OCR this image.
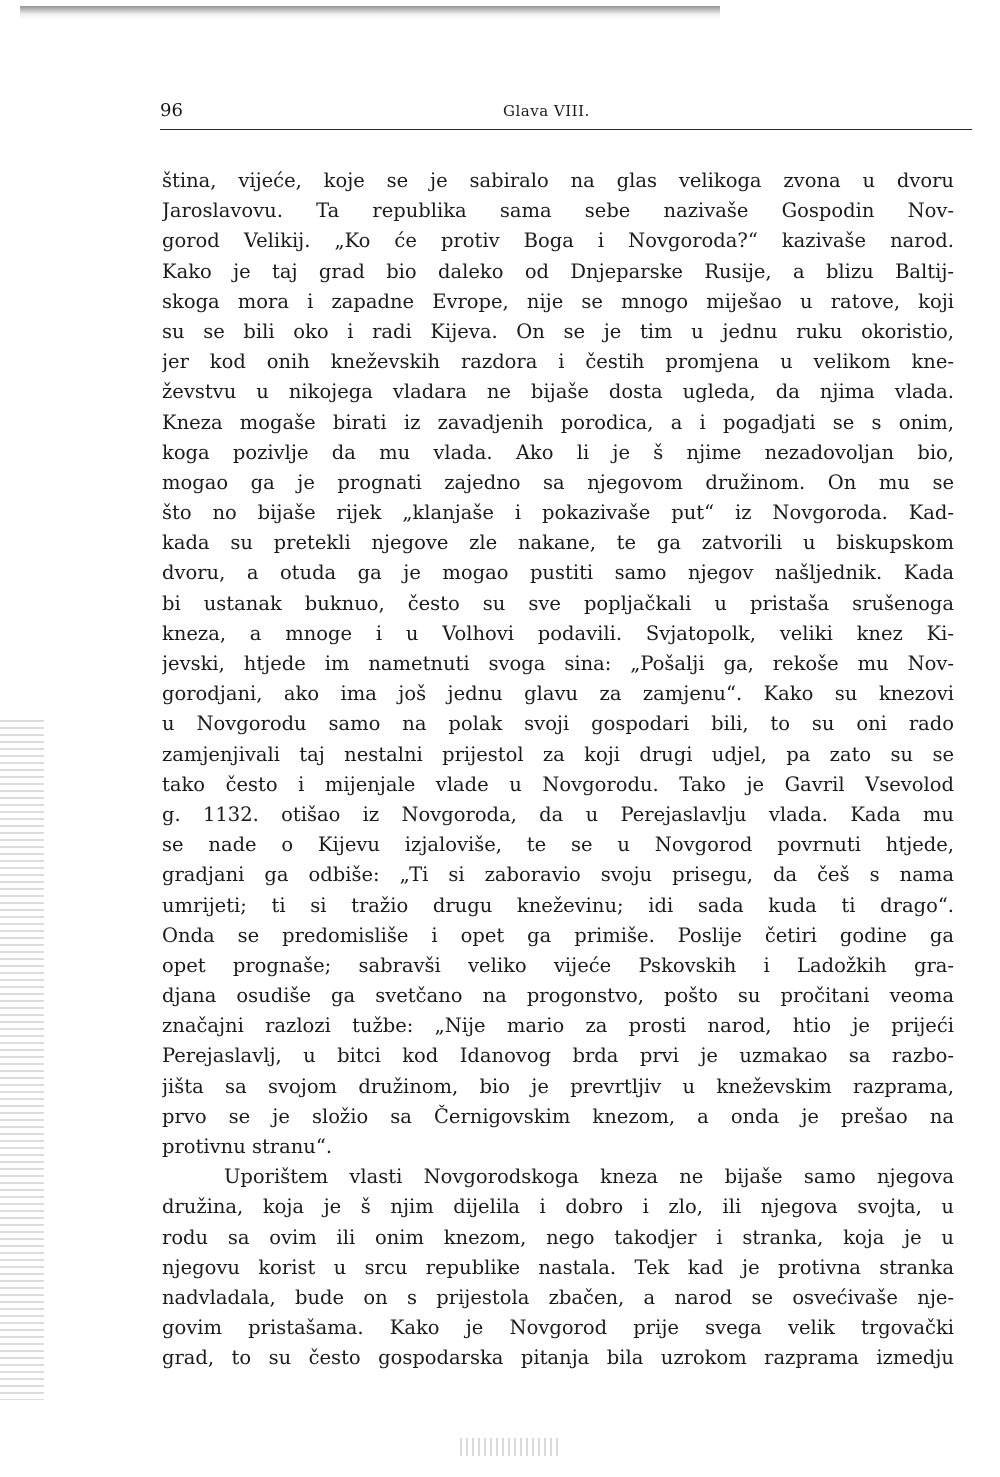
96	Glava VIII.
ština, vijeće, koje se je sabiralo na glas velikoga zvona u dvoru
Jaroslavovu. Ta republika sama sebe nazivaše Gospodin Nov-
gorod Velikij. „Ko će protiv Boga i Novgoroda?“ kazivaše narod.
Kako je taj grad bio daleko od Dnjeparske Rusije, a blizu Baltij-
skoga mora i zapadne Evrope, nije se mnogo miješao u ratove, koji
su se bili oko i radi Kijeva. On se je tim u jednu ruku okoristio,
jer kod onih kneževskih razdora i čestih promjena u velikom kne-
ževstvu u nikojega vladara ne bijaše dosta ugleda, da njima vlada.
Kneza mogaše birati iz zavadjenih porodica, a i pogadjati se s onim,
koga pozivlje da mu vlada. Ako li je š njime nezadovoljan bio,
mogao ga je prognati zajedno sa njegovom družinom. On mu se
što no bijaše rijek „klanjaše i pokazivaše put“ iz Novgoroda. Kad-
kada su pretekli njegove zle nakane, te ga zatvorili u biskupskom
dvoru, a otuda ga je mogao pustiti samo njegov našljednik. Kada
bi ustanak buknuo, često su sve popljačkali u pristaša srušenoga
kneza, a mnoge i u Volhovi podavili. Svjatopolk, veliki knez Ki-
jevski, htjede im nametnuti svoga sina: „Pošalji ga, rekoše mu Nov-
gorodjani, ako ima još jednu glavu za zamjenu“. Kako su knezovi
u Novgorodu samo na polak svoji gospodari bili, to su oni rado
zamjenjivali taj nestalni prijestol za koji drugi udjel, pa zato su se
tako često i mijenjale vlade u Novgorodu. Tako je Gavril Vsevolod
g. 1132. otišao iz Novgoroda, da u Perejaslavlju vlada. Kada mu
se nade o Kijevu izjaloviše, te se u Novgorod povrnuti htjede,
gradjani ga odbiše: „Ti si zaboravio svoju prisegu, da češ s nama
umrijeti; ti si tražio drugu kneževinu; idi sada kuda ti drago“.
Onda se predomisliše i opet ga primiše. Poslije četiri godine ga
opet prognaše; sabravši veliko vijeće Pskovskih i Ladožkih gra-
djana osudiše ga svetčano na progonstvo, pošto su pročitani veoma
značajni razlozi tužbe: „Nije mario za prosti narod, htio je prijeći
Perejaslavlj, u bitci kod Idanovog brda prvi je uzmakao sa razbo-
jišta sa svojom družinom, bio je prevrtljiv u kneževskim razprama,
prvo se je složio sa Černigovskim knezom, a onda je prešao na
protivnu stranu“.
Uporištem vlasti Novgorodskoga kneza ne bijaše samo njegova
družina, koja je š njim dijelila i dobro i zlo, ili njegova svojta, u
rodu sa ovim ili onim knezom, nego takodjer i stranka, koja je u
njegovu korist u srcu republike nastala. Tek kad je protivna stranka
nadvladala, bude on s prijestola zbačen, a narod se osvećivaše nje-
govim pristašama. Kako je Novgorod prije svega velik trgovački
grad, to su često gospodarska pitanja bila uzrokom razprama izmedju
